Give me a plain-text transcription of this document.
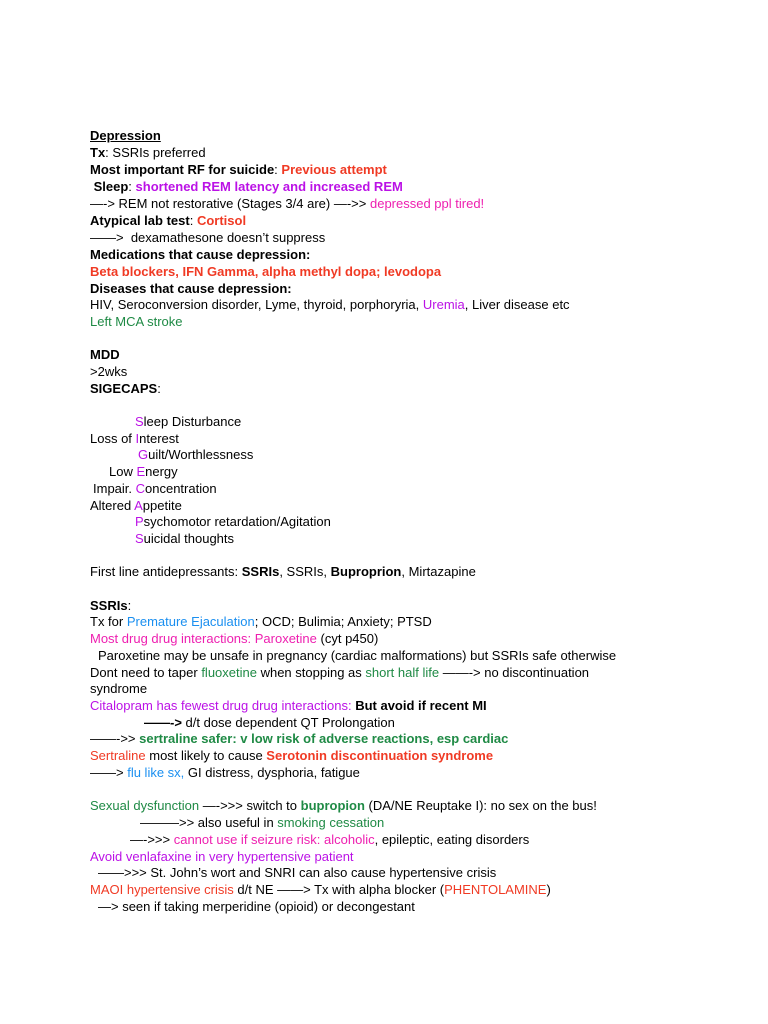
Depression
Tx: SSRIs preferred
Most important RF for suicide: Previous attempt
Sleep: shortened REM latency and increased REM
—-> REM not restorative (Stages 3/4 are) —->> depressed ppl tired!
Atypical lab test: Cortisol
——>  dexamathesone doesn’t suppress
Medications that cause depression:
Beta blockers, IFN Gamma, alpha methyl dopa; levodopa
Diseases that cause depression:
HIV, Seroconversion disorder, Lyme, thyroid, porphoryria, Uremia, Liver disease etc
Left MCA stroke
MDD
>2wks
SIGECAPS:
Sleep Disturbance
Loss of Interest
Guilt/Worthlessness
Low Energy
Impair. Concentration
Altered Appetite
Psychomotor retardation/Agitation
Suicidal thoughts
First line antidepressants: SSRIs, SSRIs, Buproprion, Mirtazapine
SSRIs:
Tx for Premature Ejaculation; OCD; Bulimia; Anxiety; PTSD
Most drug drug interactions: Paroxetine (cyt p450)
Paroxetine may be unsafe in pregnancy (cardiac malformations) but SSRIs safe otherwise
Dont need to taper fluoxetine when stopping as short half life ——-> no discontinuation
syndrome
Citalopram has fewest drug drug interactions: But avoid if recent MI
——-> d/t dose dependent QT Prolongation
——->> sertraline safer: v low risk of adverse reactions, esp cardiac
Sertraline most likely to cause Serotonin discontinuation syndrome
——> flu like sx, GI distress, dysphoria, fatigue
Sexual dysfunction —->>> switch to bupropion (DA/NE Reuptake I): no sex on the bus!
———>> also useful in smoking cessation
—->>> cannot use if seizure risk: alcoholic, epileptic, eating disorders
Avoid venlafaxine in very hypertensive patient
——>>> St. John’s wort and SNRI can also cause hypertensive crisis
MAOI hypertensive crisis d/t NE ——> Tx with alpha blocker (PHENTOLAMINE)
—> seen if taking merperidine (opioid) or decongestant
